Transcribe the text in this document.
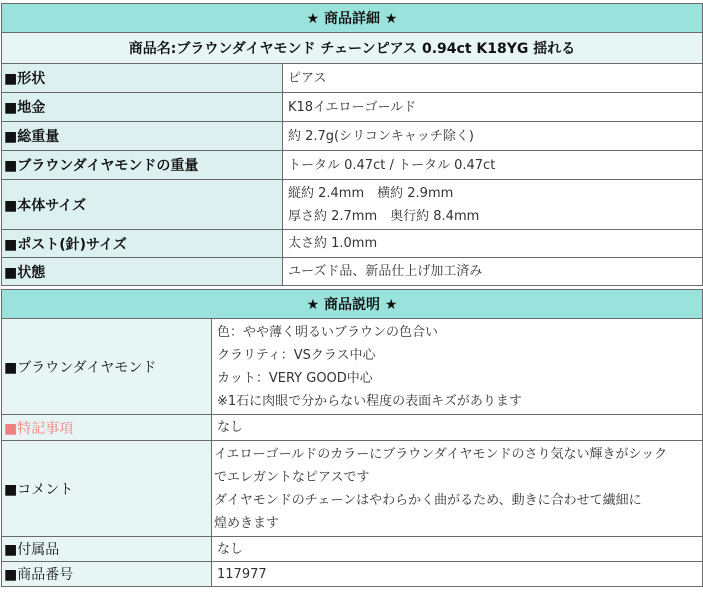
★ 商品詳細 ★	
商品名:ブラウンダイヤモンド チェーンピアス 0.94ct K18YG 揺れる	
■形状	ピアス

■地金	K18イエローゴールド

■総重量	約 2.7g(シリコンキャッチ除く)

■ブラウンダイヤモンドの重量	トータル 0.47ct / トータル 0.47ct

■本体サイズ	縦約 2.4mm　横約 2.9mm
厚さ約 2.7mm　奥行約 8.4mm

■ポスト(針)サイズ	太さ約 1.0mm

■状態	ユーズド品、新品仕上げ加工済み
★ 商品説明 ★	
■ブラウンダイヤモンド	色：やや薄く明るいブラウンの色合い
クラリティ：VSクラス中心
カット：VERY GOOD中心
※1石に肉眼で分からない程度の表面キズがあります

■特記事項	なし

■コメント	イエローゴールドのカラーにブラウンダイヤモンドのさり気ない輝きがシック
でエレガントなピアスです
ダイヤモンドのチェーンはやわらかく曲がるため、動きに合わせて繊細に
煌めきます

■付属品	なし

■商品番号	117977
